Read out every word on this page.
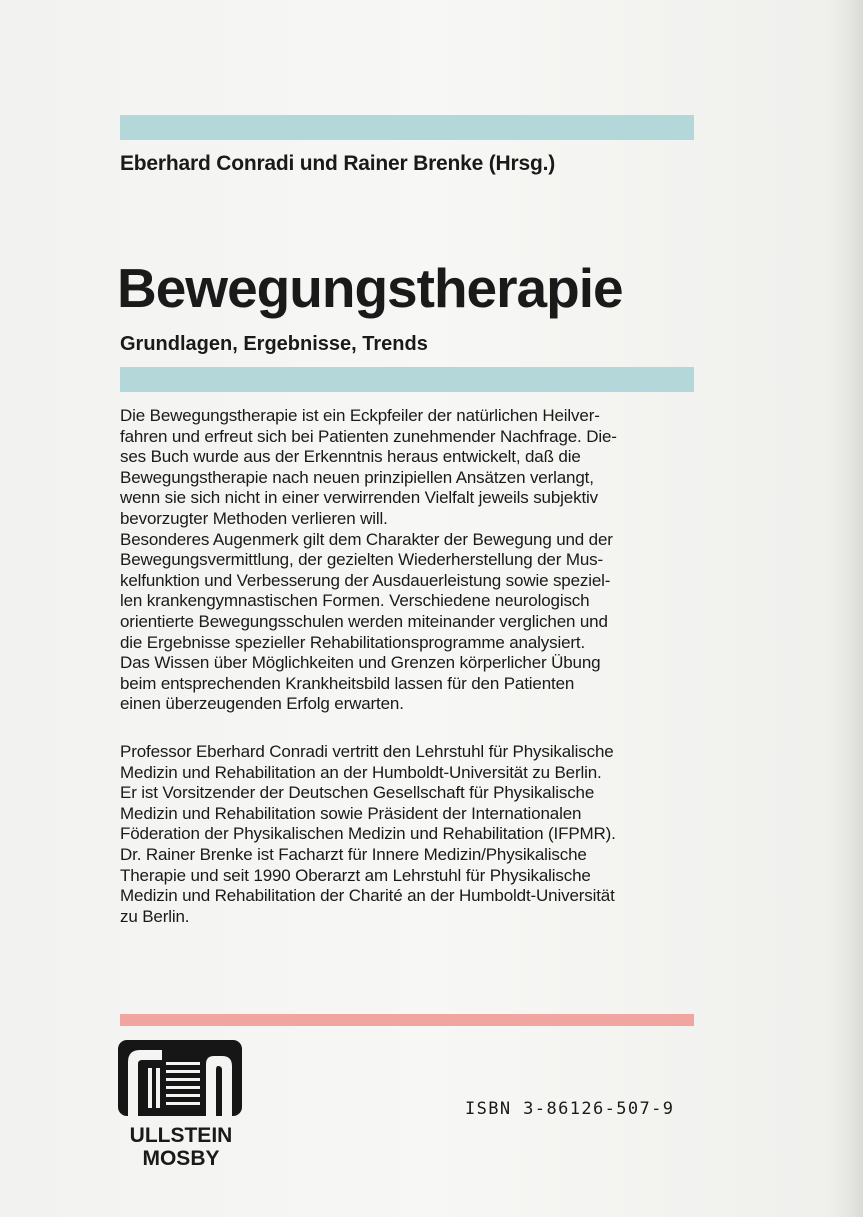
Eberhard Conradi und Rainer Brenke (Hrsg.)
Bewegungstherapie
Grundlagen, Ergebnisse, Trends
Die Bewegungstherapie ist ein Eckpfeiler der natürlichen Heilver-
fahren und erfreut sich bei Patienten zunehmender Nachfrage. Die-
ses Buch wurde aus der Erkenntnis heraus entwickelt, daß die
Bewegungstherapie nach neuen prinzipiellen Ansätzen verlangt,
wenn sie sich nicht in einer verwirrenden Vielfalt jeweils subjektiv
bevorzugter Methoden verlieren will.
Besonderes Augenmerk gilt dem Charakter der Bewegung und der
Bewegungsvermittlung, der gezielten Wiederherstellung der Mus-
kelfunktion und Verbesserung der Ausdauerleistung sowie speziel-
len krankengymnastischen Formen. Verschiedene neurologisch
orientierte Bewegungsschulen werden miteinander verglichen und
die Ergebnisse spezieller Rehabilitationsprogramme analysiert.
Das Wissen über Möglichkeiten und Grenzen körperlicher Übung
beim entsprechenden Krankheitsbild lassen für den Patienten
einen überzeugenden Erfolg erwarten.
Professor Eberhard Conradi vertritt den Lehrstuhl für Physikalische
Medizin und Rehabilitation an der Humboldt-Universität zu Berlin.
Er ist Vorsitzender der Deutschen Gesellschaft für Physikalische
Medizin und Rehabilitation sowie Präsident der Internationalen
Föderation der Physikalischen Medizin und Rehabilitation (IFPMR).
Dr. Rainer Brenke ist Facharzt für Innere Medizin/Physikalische
Therapie und seit 1990 Oberarzt am Lehrstuhl für Physikalische
Medizin und Rehabilitation der Charité an der Humboldt-Universität
zu Berlin.
ULLSTEIN
MOSBY
ISBN 3-86126-507-9
